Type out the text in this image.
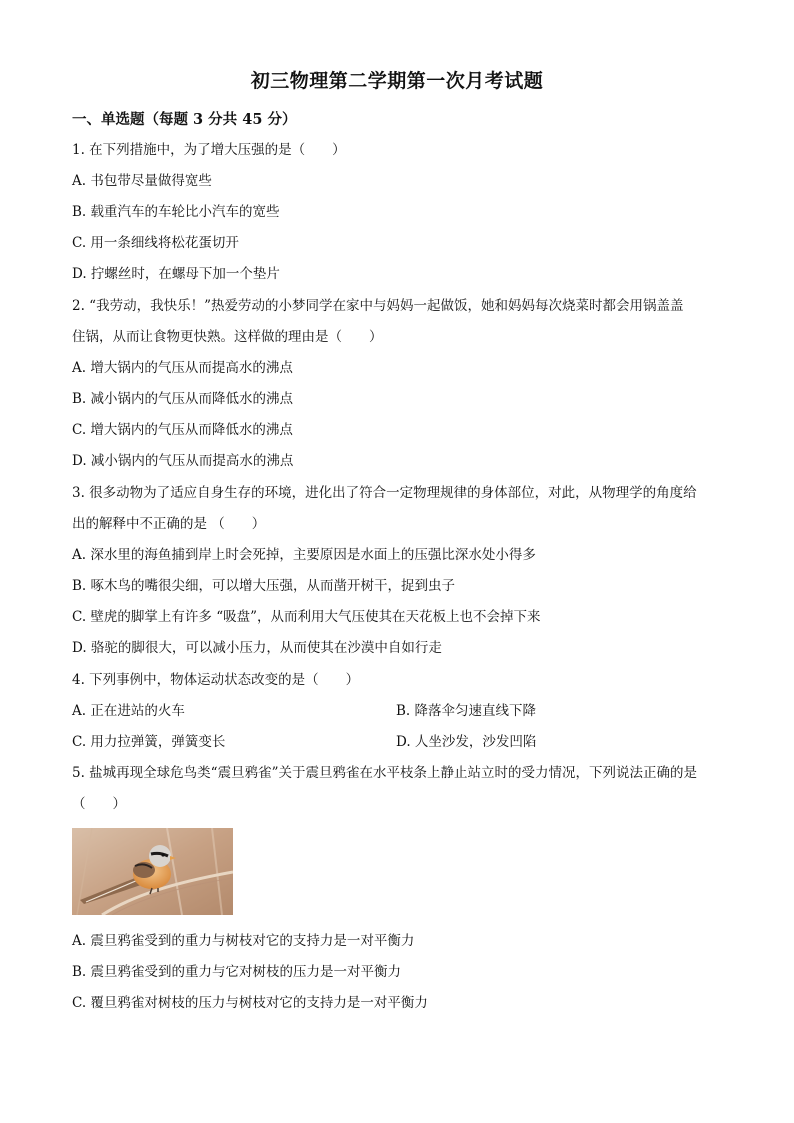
初三物理第二学期第一次月考试题
一、单选题（每题 3 分共 45 分）
1. 在下列措施中，为了增大压强的是（　　）
A. 书包带尽量做得宽些
B. 载重汽车的车轮比小汽车的宽些
C. 用一条细线将松花蛋切开
D. 拧螺丝时，在螺母下加一个垫片
2. “我劳动，我快乐！”热爱劳动的小梦同学在家中与妈妈一起做饭，她和妈妈每次烧菜时都会用锅盖盖
住锅，从而让食物更快熟。这样做的理由是（　　）
A. 增大锅内的气压从而提高水的沸点
B. 减小锅内的气压从而降低水的沸点
C. 增大锅内的气压从而降低水的沸点
D. 减小锅内的气压从而提高水的沸点
3. 很多动物为了适应自身生存的环境，进化出了符合一定物理规律的身体部位，对此，从物理学的角度给
出的解释中不正确的是 （　　）
A. 深水里的海鱼捕到岸上时会死掉，主要原因是水面上的压强比深水处小得多
B. 啄木鸟的嘴很尖细，可以增大压强，从而凿开树干，捉到虫子
C. 壁虎的脚掌上有许多 “吸盘”，从而利用大气压使其在天花板上也不会掉下来
D. 骆驼的脚很大，可以减小压力，从而使其在沙漠中自如行走
4. 下列事例中，物体运动状态改变的是（　　）
A. 正在进站的火车	B. 降落伞匀速直线下降
C. 用力拉弹簧，弹簧变长	D. 人坐沙发，沙发凹陷
5. 盐城再现全球危鸟类“震旦鸦雀”关于震旦鸦雀在水平枝条上静止站立时的受力情况，下列说法正确的是
（　　）
A. 震旦鸦雀受到的重力与树枝对它的支持力是一对平衡力
B. 震旦鸦雀受到的重力与它对树枝的压力是一对平衡力
C. 覆旦鸦雀对树枝的压力与树枝对它的支持力是一对平衡力
